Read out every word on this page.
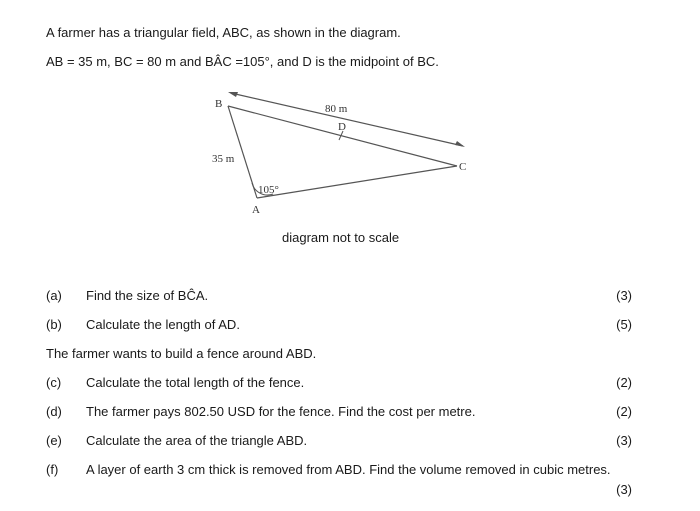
A farmer has a triangular field, ABC, as shown in the diagram.
AB = 35 m, BC = 80 m and BÂC =105°, and D is the midpoint of BC.
B
A
C
D
80 m
35 m
105°
diagram not to scale
(a)	Find the size of BĈA.	(3)
(b)	Calculate the length of AD.	(5)
The farmer wants to build a fence around ABD.
(c)	Calculate the total length of the fence.	(2)
(d)	The farmer pays 802.50 USD for the fence. Find the cost per metre.	(2)
(e)	Calculate the area of the triangle ABD.	(3)
(f)	A layer of earth 3 cm thick is removed from ABD. Find the volume removed in cubic metres.
(3)
